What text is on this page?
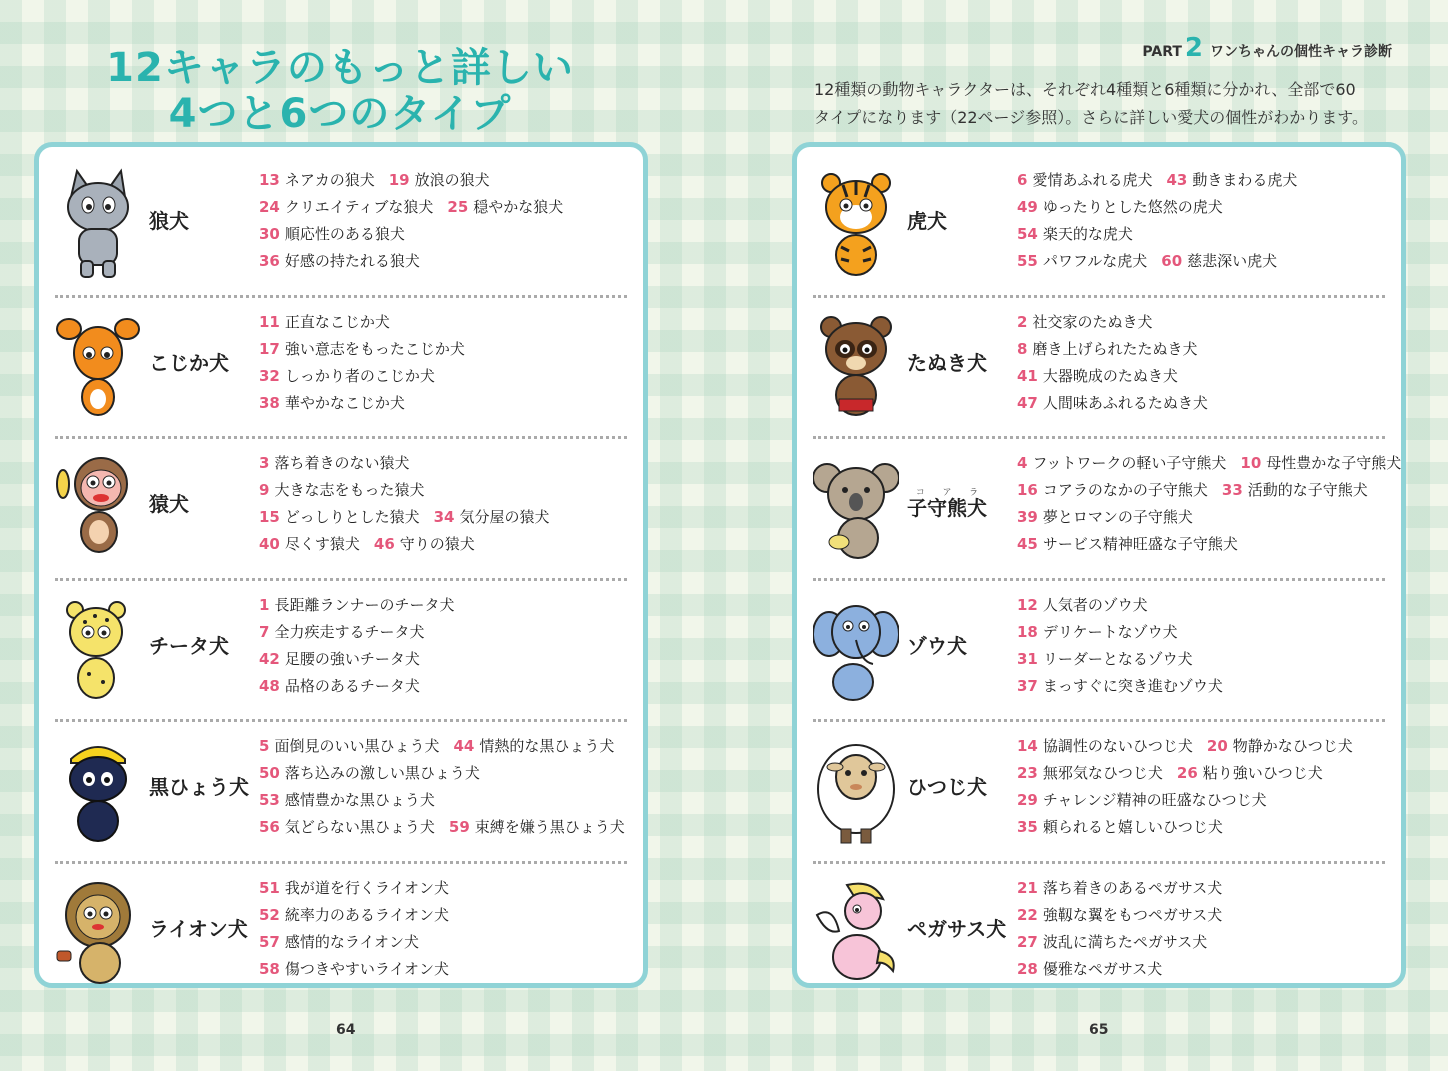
12キャラのもっと詳しい
4つと6つのタイプ
PART 2 ワンちゃんの個性キャラ診断
12種類の動物キャラクターは、それぞれ4種類と6種類に分かれ、全部で60
タイプになります（22ページ参照）。さらに詳しい愛犬の個性がわかります。
狼犬
13 ネアカの狼犬 19 放浪の狼犬
24 クリエイティブな狼犬 25 穏やかな狼犬
30 順応性のある狼犬
36 好感の持たれる狼犬
こじか犬
11 正直なこじか犬
17 強い意志をもったこじか犬
32 しっかり者のこじか犬
38 華やかなこじか犬
猿犬
3 落ち着きのない猿犬
9 大きな志をもった猿犬
15 どっしりとした猿犬 34 気分屋の猿犬
40 尽くす猿犬 46 守りの猿犬
チータ犬
1 長距離ランナーのチータ犬
7 全力疾走するチータ犬
42 足腰の強いチータ犬
48 品格のあるチータ犬
黒ひょう犬
5 面倒見のいい黒ひょう犬 44 情熱的な黒ひょう犬
50 落ち込みの激しい黒ひょう犬
53 感情豊かな黒ひょう犬
56 気どらない黒ひょう犬 59 束縛を嫌う黒ひょう犬
ライオン犬
51 我が道を行くライオン犬
52 統率力のあるライオン犬
57 感情的なライオン犬
58 傷つきやすいライオン犬
虎犬
6 愛情あふれる虎犬 43 動きまわる虎犬
49 ゆったりとした悠然の虎犬
54 楽天的な虎犬
55 パワフルな虎犬 60 慈悲深い虎犬
たぬき犬
2 社交家のたぬき犬
8 磨き上げられたたぬき犬
41 大器晩成のたぬき犬
47 人間味あふれるたぬき犬
子守熊犬コアラ
4 フットワークの軽い子守熊犬 10 母性豊かな子守熊犬
16 コアラのなかの子守熊犬 33 活動的な子守熊犬
39 夢とロマンの子守熊犬
45 サービス精神旺盛な子守熊犬
ゾウ犬
12 人気者のゾウ犬
18 デリケートなゾウ犬
31 リーダーとなるゾウ犬
37 まっすぐに突き進むゾウ犬
ひつじ犬
14 協調性のないひつじ犬 20 物静かなひつじ犬
23 無邪気なひつじ犬 26 粘り強いひつじ犬
29 チャレンジ精神の旺盛なひつじ犬
35 頼られると嬉しいひつじ犬
ペガサス犬
21 落ち着きのあるペガサス犬
22 強靱な翼をもつペガサス犬
27 波乱に満ちたペガサス犬
28 優雅なペガサス犬
64	65
